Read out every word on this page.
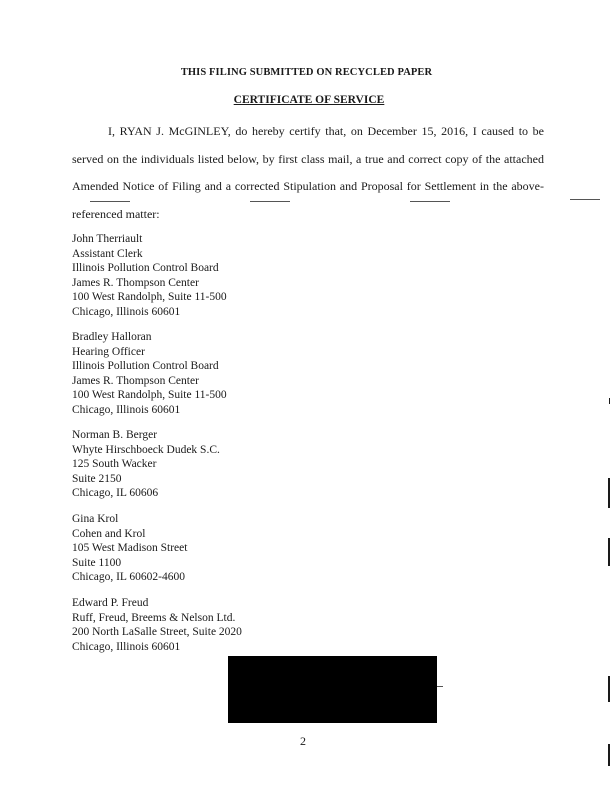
THIS FILING SUBMITTED ON RECYCLED PAPER
CERTIFICATE OF SERVICE

I, RYAN J. McGINLEY, do hereby certify that, on December 15, 2016, I caused to be served on the individuals listed below, by first class mail, a true and correct copy of the attached Amended Notice of Filing and a corrected Stipulation and Proposal for Settlement in the above-referenced matter:

John Therriault
Assistant Clerk
Illinois Pollution Control Board
James R. Thompson Center
100 West Randolph, Suite 11-500
Chicago, Illinois 60601
Bradley Halloran
Hearing Officer
Illinois Pollution Control Board
James R. Thompson Center
100 West Randolph, Suite 11-500
Chicago, Illinois 60601
Norman B. Berger
Whyte Hirschboeck Dudek S.C.
125 South Wacker
Suite 2150
Chicago, IL 60606
Gina Krol
Cohen and Krol
105 West Madison Street
Suite 1100
Chicago, IL 60602-4600
Edward P. Freud
Ruff, Freud, Breems & Nelson Ltd.
200 North LaSalle Street, Suite 2020
Chicago, Illinois 60601
2
